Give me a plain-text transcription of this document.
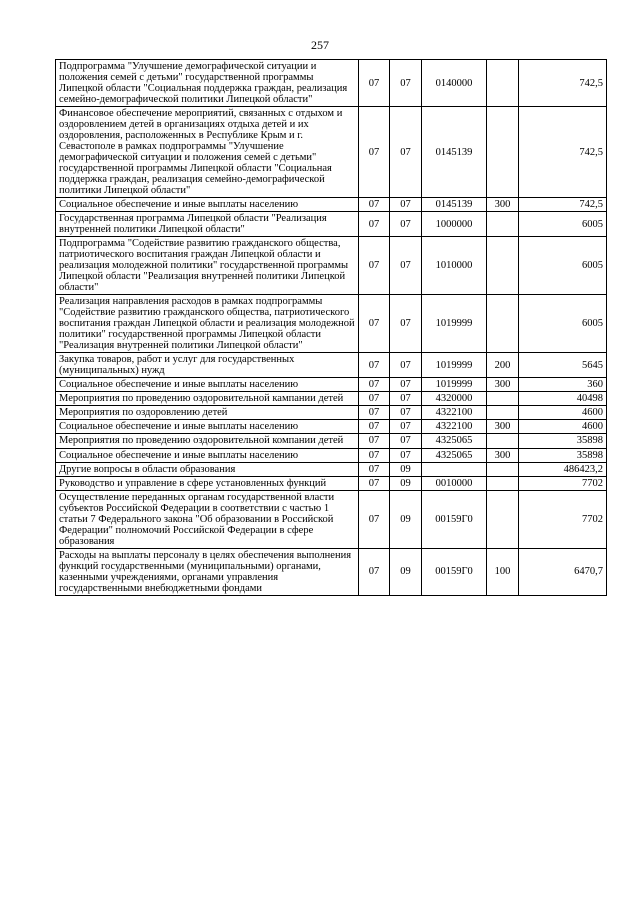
257
Подпрограмма "Улучшение демографической ситуации и положения семей с детьми" государственной программы Липецкой области "Социальная поддержка граждан, реализация семейно-демографической политики Липецкой области"	07	07	0140000		742,5
Финансовое обеспечение мероприятий, связанных с отдыхом и оздоровлением детей в организациях отдыха детей и их оздоровления, расположенных в Республике Крым и г. Севастополе в рамках подпрограммы "Улучшение демографической ситуации и положения семей с детьми" государственной программы Липецкой области "Социальная поддержка граждан, реализация семейно-демографической политики Липецкой области"	07	07	0145139		742,5
Социальное обеспечение и иные выплаты населению	07	07	0145139	300	742,5
Государственная программа Липецкой области "Реализация внутренней политики Липецкой области"	07	07	1000000		6005
Подпрограмма "Содействие развитию гражданского общества, патриотического воспитания граждан Липецкой области и реализация молодежной политики" государственной программы Липецкой области "Реализация внутренней политики Липецкой области"	07	07	1010000		6005
Реализация направления расходов в рамках подпрограммы "Содействие развитию гражданского общества, патриотического воспитания граждан Липецкой области и реализация молодежной политики" государственной программы Липецкой области "Реализация внутренней политики Липецкой области"	07	07	1019999		6005
Закупка товаров, работ и услуг для государственных (муниципальных) нужд	07	07	1019999	200	5645
Социальное обеспечение и иные выплаты населению	07	07	1019999	300	360
Мероприятия по проведению оздоровительной кампании детей	07	07	4320000		40498
Мероприятия по оздоровлению детей	07	07	4322100		4600
Социальное обеспечение и иные выплаты населению	07	07	4322100	300	4600
Мероприятия по проведению оздоровительной компании детей	07	07	4325065		35898
Социальное обеспечение и иные выплаты населению	07	07	4325065	300	35898
Другие вопросы в области образования	07	09			486423,2
Руководство и управление в сфере установленных функций	07	09	0010000		7702
Осуществление переданных органам государственной власти субъектов Российской Федерации в соответствии с частью 1 статьи 7 Федерального закона "Об образовании в Российской Федерации" полномочий Российской Федерации в сфере образования	07	09	00159Г0		7702
Расходы на выплаты персоналу в целях обеспечения выполнения функций государственными (муниципальными) органами, казенными учреждениями, органами управления государственными внебюджетными фондами	07	09	00159Г0	100	6470,7
